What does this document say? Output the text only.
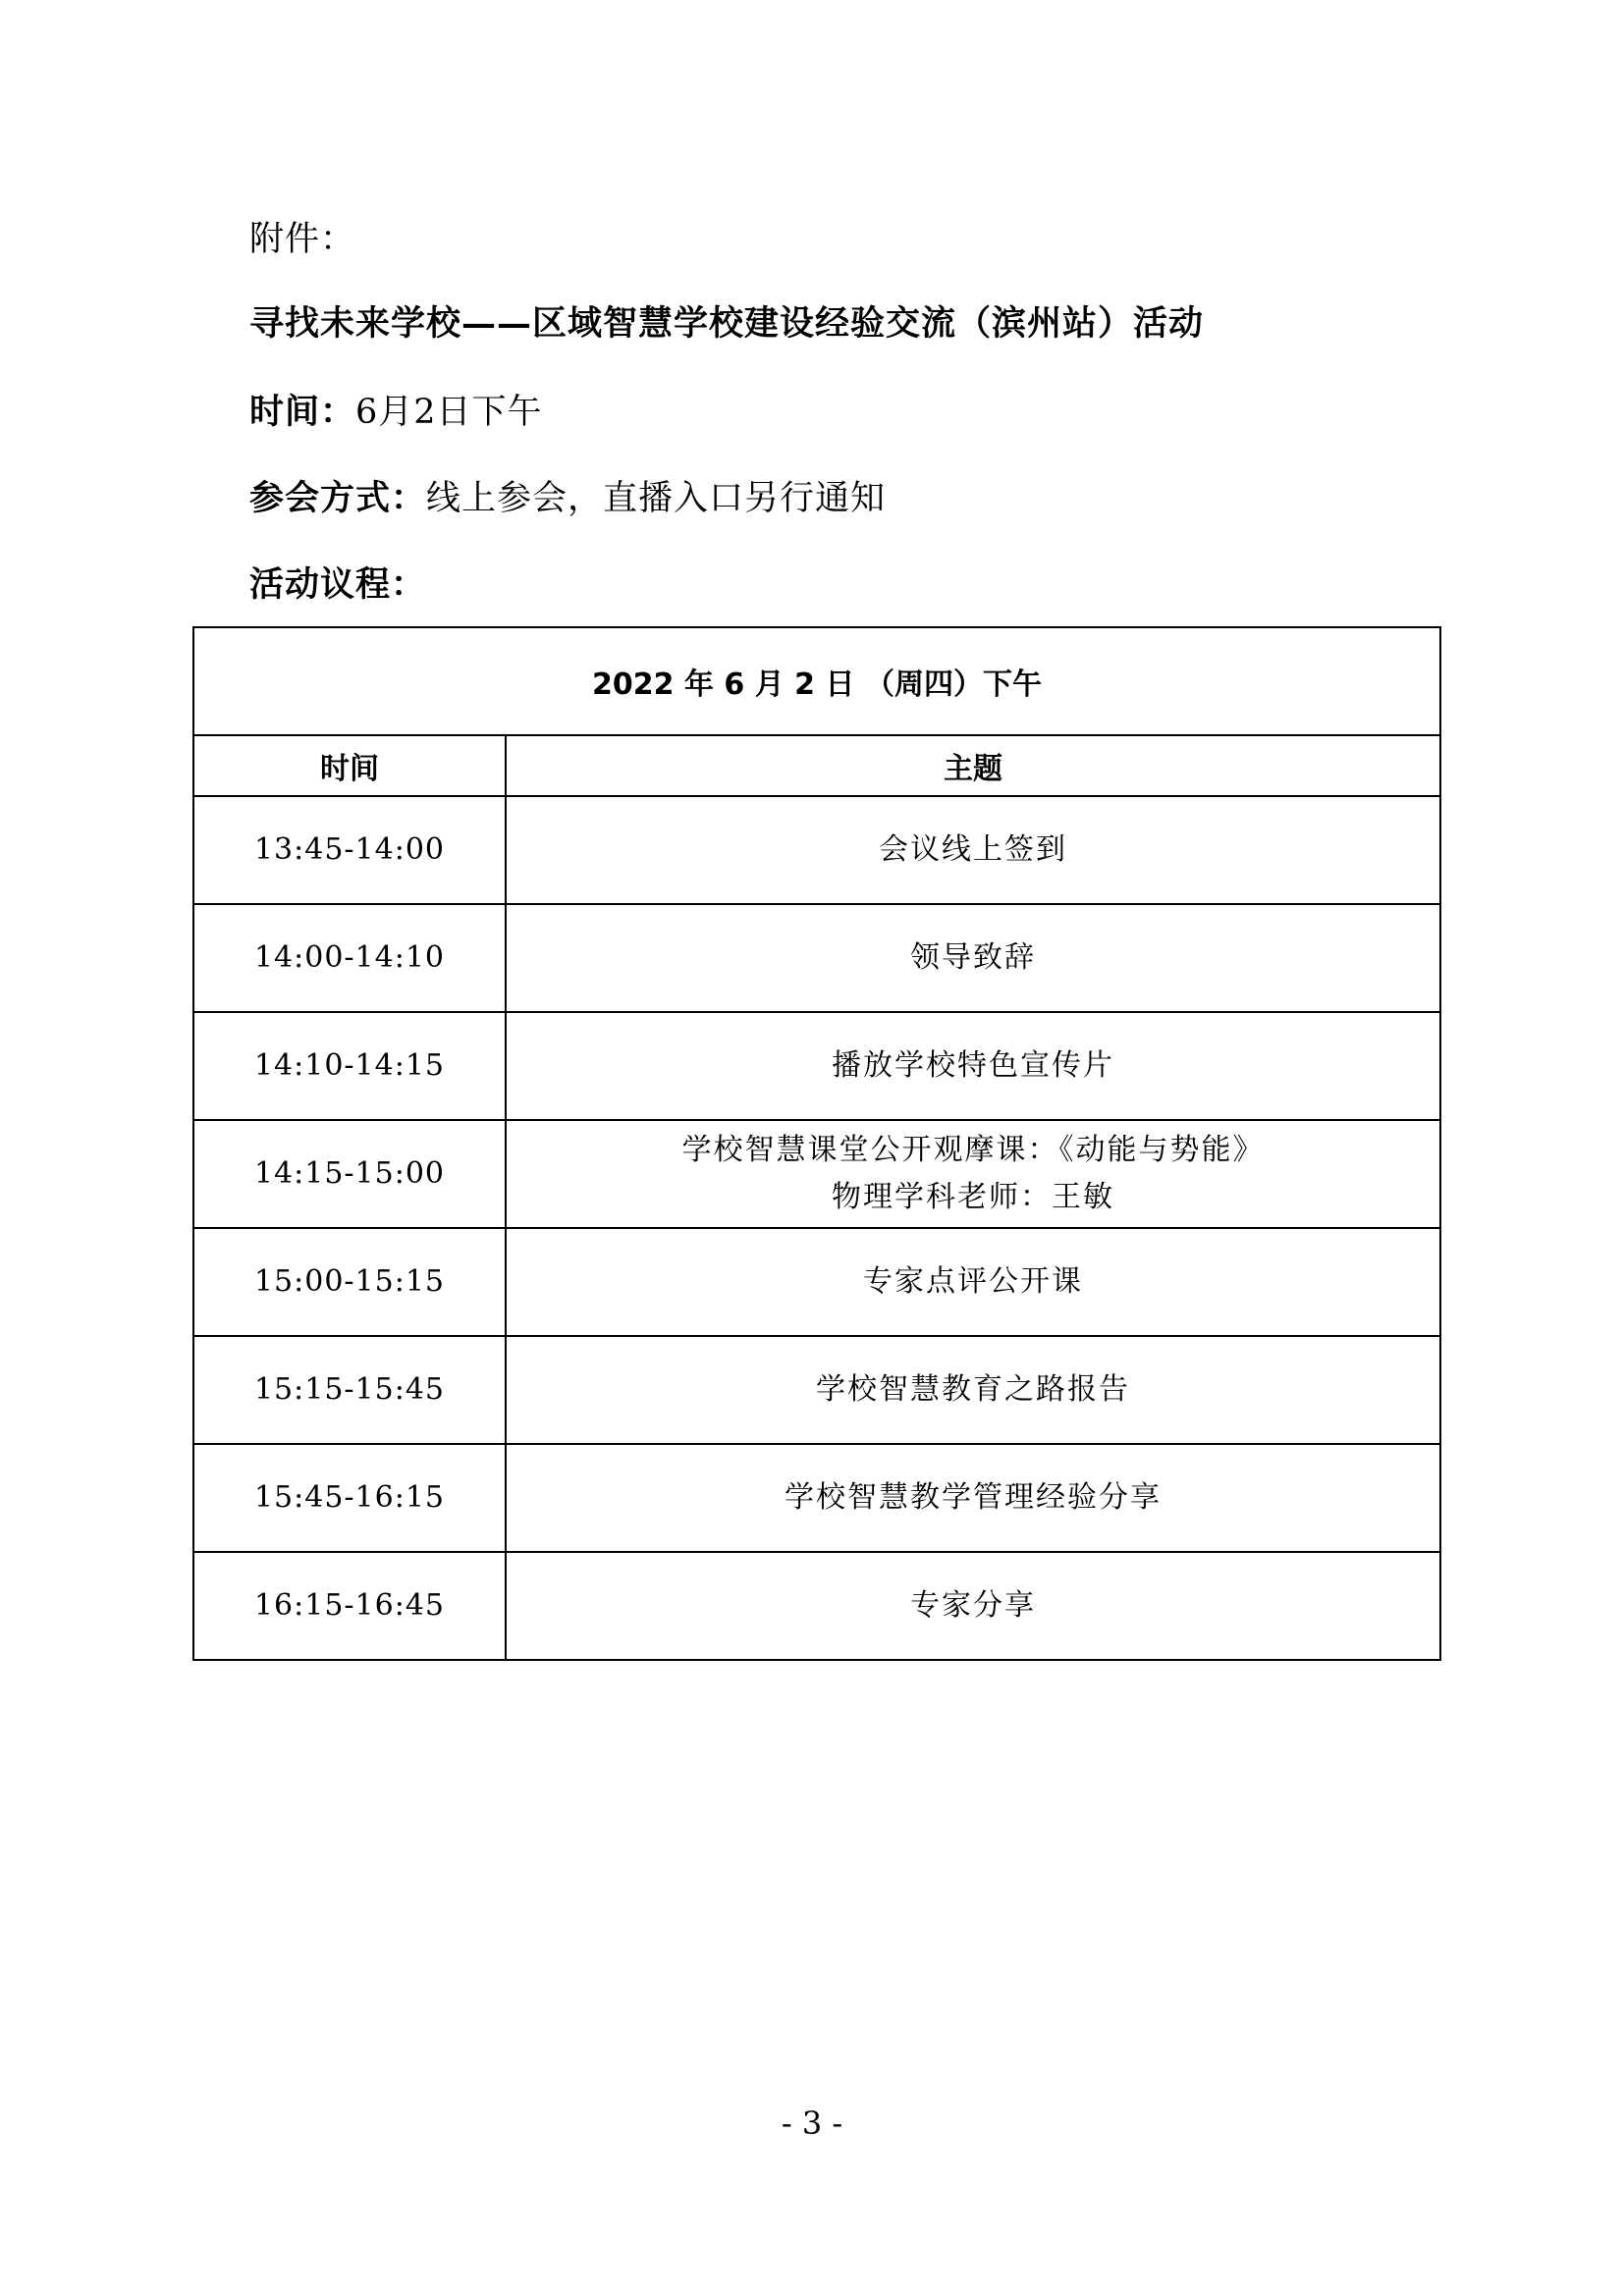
附件：
寻找未来学校——区域智慧学校建设经验交流（滨州站）活动
时间：6月2日下午
参会方式：线上参会，直播入口另行通知
活动议程：
2022 年 6 月 2 日 （周四）下午	
时间	主题
13:45-14:00	会议线上签到

14:00-14:10	领导致辞

14:10-14:15	播放学校特色宣传片

14:15-15:00	学校智慧课堂公开观摩课：《动能与势能》
物理学科老师：王敏

15:00-15:15	专家点评公开课

15:15-15:45	学校智慧教育之路报告

15:45-16:15	学校智慧教学管理经验分享

16:15-16:45	专家分享
- 3 -
